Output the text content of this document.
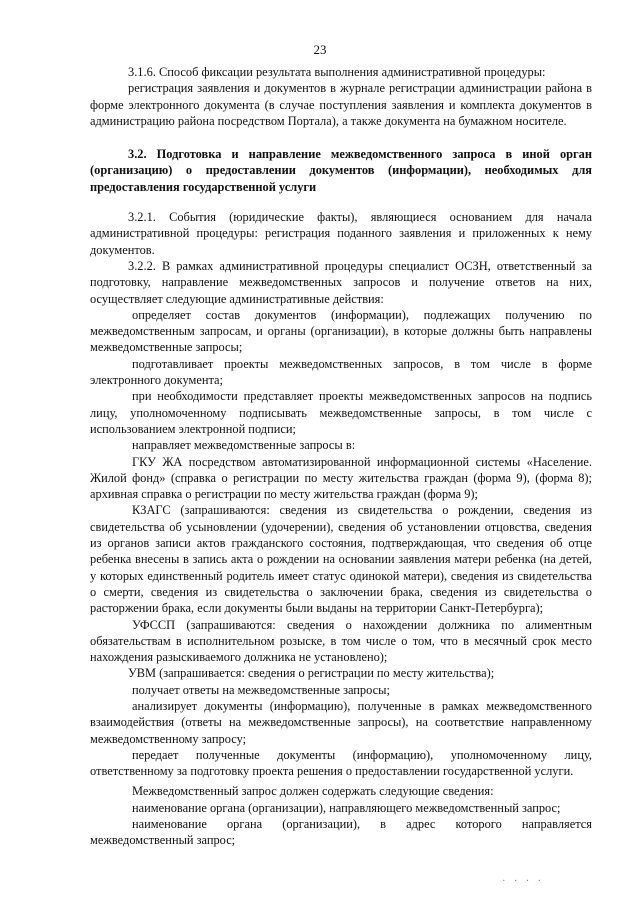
23

3.1.6. Способ фиксации результата выполнения административной процедуры:

регистрация заявления и документов в журнале регистрации администрации района в форме электронного документа (в случае поступления заявления и комплекта документов в администрацию района посредством Портала), а также документа на бумажном носителе.

3.2. Подготовка и направление межведомственного запроса в иной орган (организацию) о предоставлении документов (информации), необходимых для предоставления государственной услуги

3.2.1. События (юридические факты), являющиеся основанием для начала административной процедуры: регистрация поданного заявления и приложенных к нему документов.

3.2.2. В рамках административной процедуры специалист ОСЗН, ответственный за подготовку, направление межведомственных запросов и получение ответов на них, осуществляет следующие административные действия:

определяет состав документов (информации), подлежащих получению по межведомственным запросам, и органы (организации), в которые должны быть направлены межведомственные запросы;

подготавливает проекты межведомственных запросов, в том числе в форме электронного документа;

при необходимости представляет проекты межведомственных запросов на подпись лицу, уполномоченному подписывать межведомственные запросы, в том числе с использованием электронной подписи;

направляет межведомственные запросы в:

ГКУ ЖА посредством автоматизированной информационной системы «Население. Жилой фонд» (справка о регистрации по месту жительства граждан (форма 9), (форма 8); архивная справка о регистрации по месту жительства граждан (форма 9);

КЗАГС (запрашиваются: сведения из свидетельства о рождении, сведения из свидетельства об усыновлении (удочерении), сведения об установлении отцовства, сведения из органов записи актов гражданского состояния, подтверждающая, что сведения об отце ребенка внесены в запись акта о рождении на основании заявления матери ребенка (на детей, у которых единственный родитель имеет статус одинокой матери), сведения из свидетельства о смерти, сведения из свидетельства о заключении брака, сведения из свидетельства о расторжении брака, если документы были выданы на территории Санкт-Петербурга);

УФССП (запрашиваются: сведения о нахождении должника по алиментным обязательствам в исполнительном розыске, в том числе о том, что в месячный срок место нахождения разыскиваемого должника не установлено);

УВМ (запрашивается: сведения о регистрации по месту жительства);

получает ответы на межведомственные запросы;

анализирует документы (информацию), полученные в рамках межведомственного взаимодействия (ответы на межведомственные запросы), на соответствие направленному межведомственному запросу;

передает полученные документы (информацию), уполномоченному лицу, ответственному за подготовку проекта решения о предоставлении государственной услуги.

Межведомственный запрос должен содержать следующие сведения:

наименование органа (организации), направляющего межведомственный запрос;

наименование органа (организации), в адрес которого направляется межведомственный запрос;

· · · ·
